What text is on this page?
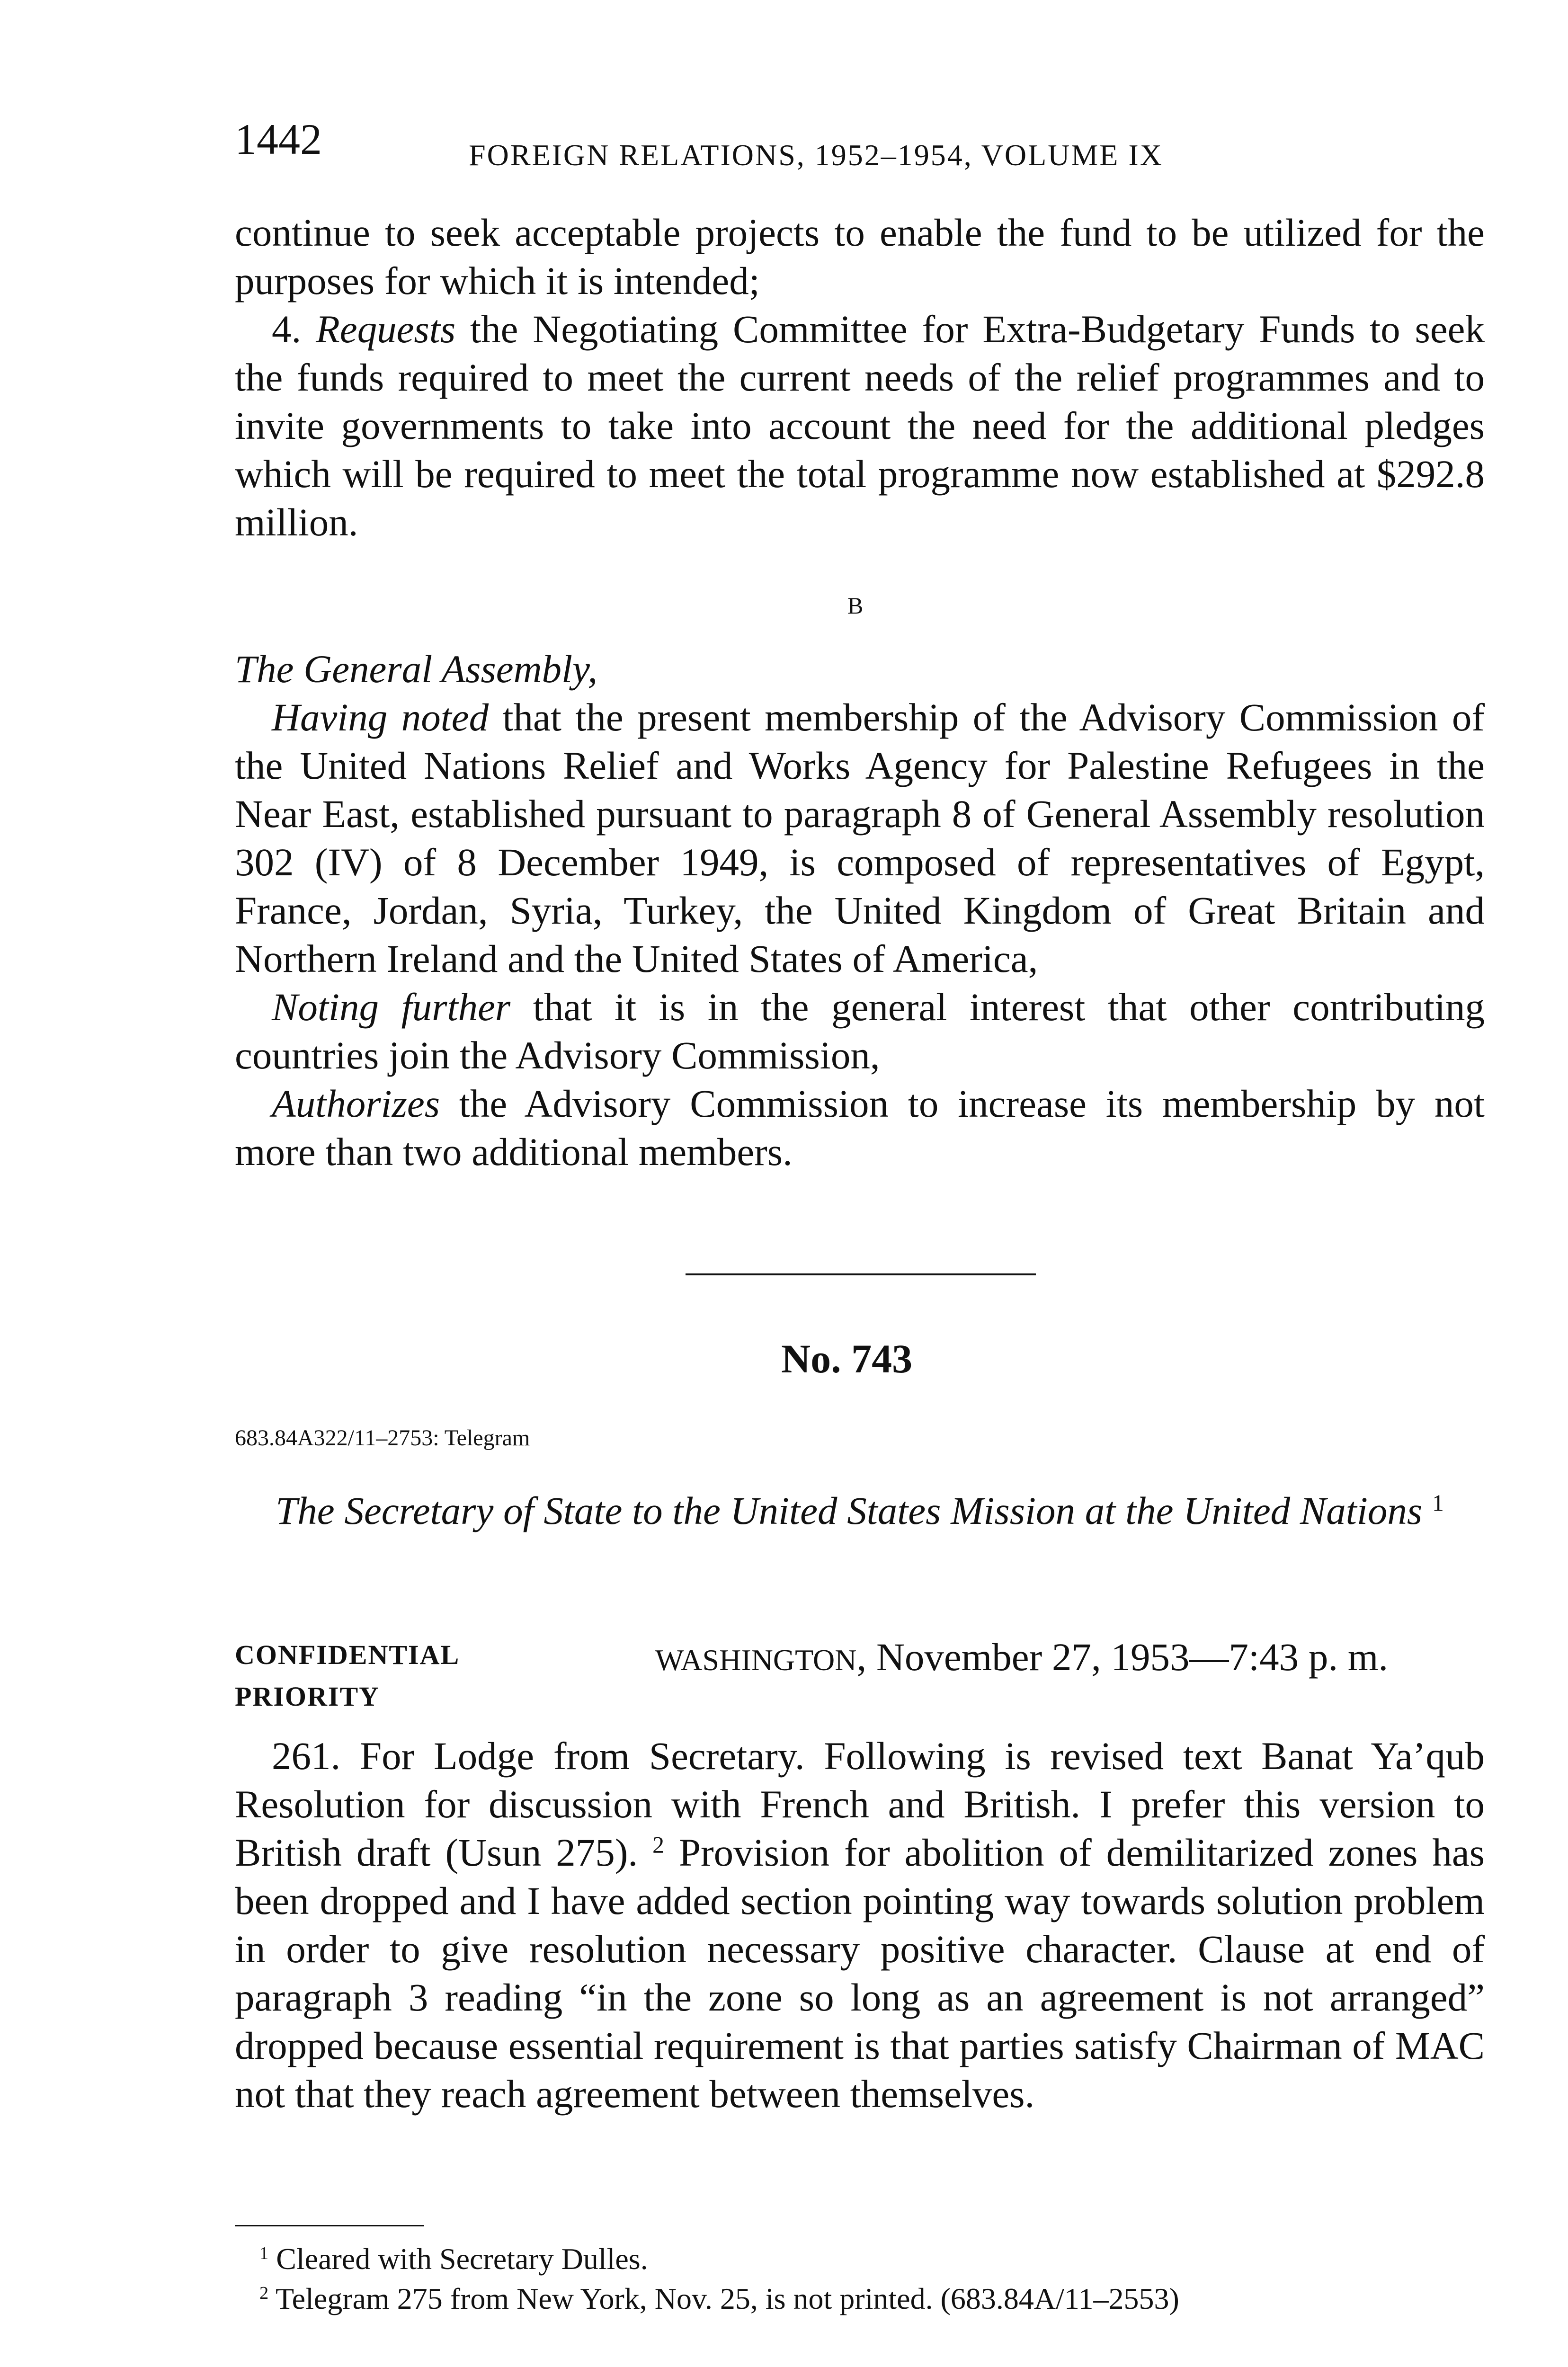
1442	FOREIGN RELATIONS, 1952–1954, VOLUME IX

continue to seek acceptable projects to enable the fund to be utilized for the purposes for which it is intended;

4. Requests the Negotiating Committee for Extra-Budgetary Funds to seek the funds required to meet the current needs of the relief programmes and to invite governments to take into account the need for the additional pledges which will be required to meet the total programme now established at $292.8 million.

B

The General Assembly,

Having noted that the present membership of the Advisory Commission of the United Nations Relief and Works Agency for Palestine Refugees in the Near East, established pursuant to paragraph 8 of General Assembly resolution 302 (IV) of 8 December 1949, is composed of representatives of Egypt, France, Jordan, Syria, Turkey, the United Kingdom of Great Britain and Northern Ireland and the United States of America,

Noting further that it is in the general interest that other contributing countries join the Advisory Commission,

Authorizes the Advisory Commission to increase its membership by not more than two additional members.

No. 743
683.84A322/11–2753: Telegram
The Secretary of State to the United States Mission at the United Nations $^1$
CONFIDENTIAL
PRIORITY
WASHINGTON, November 27, 1953—7:43 p. m.

261. For Lodge from Secretary. Following is revised text Banat Ya’qub Resolution for discussion with French and British. I prefer this version to British draft (Usun 275). $^2$ Provision for abolition of demilitarized zones has been dropped and I have added section pointing way towards solution problem in order to give resolution necessary positive character. Clause at end of paragraph 3 reading “in the zone so long as an agreement is not arranged” dropped because essential requirement is that parties satisfy Chairman of MAC not that they reach agreement between themselves.

$^1$ Cleared with Secretary Dulles.
$^2$ Telegram 275 from New York, Nov. 25, is not printed. (683.84A/11–2553)
